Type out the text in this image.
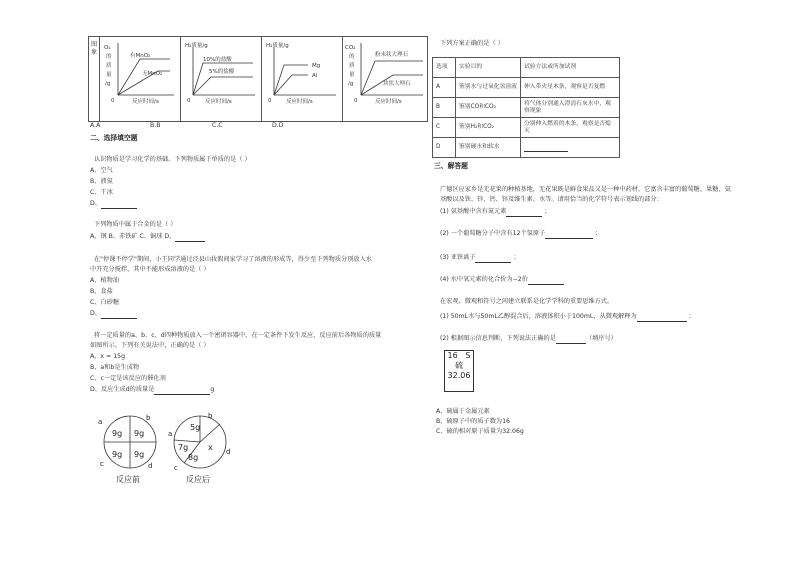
图象	有MnO₂
无MnO₂
反应时间/s
0
O₂
的
质
量
/g

H₂质量/g
10%的盐酸
5%的盐酸
反应时间/s
0

H₂质量/g
Mg
Al
反应时间/s
0

粉末状大理石
块状大理石
反应时间/s
0
CO₂
的
质
量
/g
A.A	B.B	C.C	D.D
二、选择填空题
认识物质是学习化学的基础。下列物质属于单质的是（ ）
A、空气
B、液氮
C、干冰
D、
下列物质中属于合金的是（ ）
A、钢 B、赤铁矿 C、铜球 D、
在"停课不停学"期间，小王同学通过泾县山妆假间家学习了溶液的形成等，得少至下列物质分别放入水
中开充分搅拌，其中不能形成溶液的是（ ）
A、植物油
B、食盐
C、白砂糖
D、
将一定质量的a、b、c、d四种物质放入一个密闭容器中，在一定条件下发生反应，反应前后各物质的质量
如图所示。下列有关说法中，正确的是（ ）
A、x = 15g
B、a和b是生成物
C、c一定是该反应的催化剂
D、反应生成d的质量是	g
9g 9g
9g 9g
a	b
c	d
反应前
5g
7g
8g
x
a
b
c
d
反应后
下列方案正确的是（ ）
选项	实验目的	试验方法或所加试剂
A	鉴别水与过氧化氢溶液	伸入带火星木条，观察是否复燃
B	鉴别CO和CO₂	将气体分别通入澄清石灰水中，观察现象
C	鉴别H₂和CO₂	分别伸入燃着的木条，观察是否熄灭
D	鉴别硬水和软水	
三、解答题
广德区应家乡是无花果的种植基地，无花果既是鲜食果品又是一种中药材，它富含丰富的葡萄糖、果糖、氨
基酸以及铁、锌、钙、锌及维生素、水等。请用恰当的化学符号表示划线的部分：
(1) 氨基酸中含有氮元素	；
(2) 一个葡萄糖分子中含有12个氢原子	；
(3) 亚铁离子	；
(4) 水中氧元素的化合价为−2价
在宏观、微观和符号之间建立联系是化学学科的重要思维方式。
(1) 50mL水与50mL乙醇混合后，溶液体积小于100mL，从微观解释为	；
(2) 根据图示信息判断，下列说法正确的是	（填序号）
16 S
硫
32.06
A、硫属于金属元素
B、硫原子中的质子数为16
C、硫的相对原子质量为32.06g
